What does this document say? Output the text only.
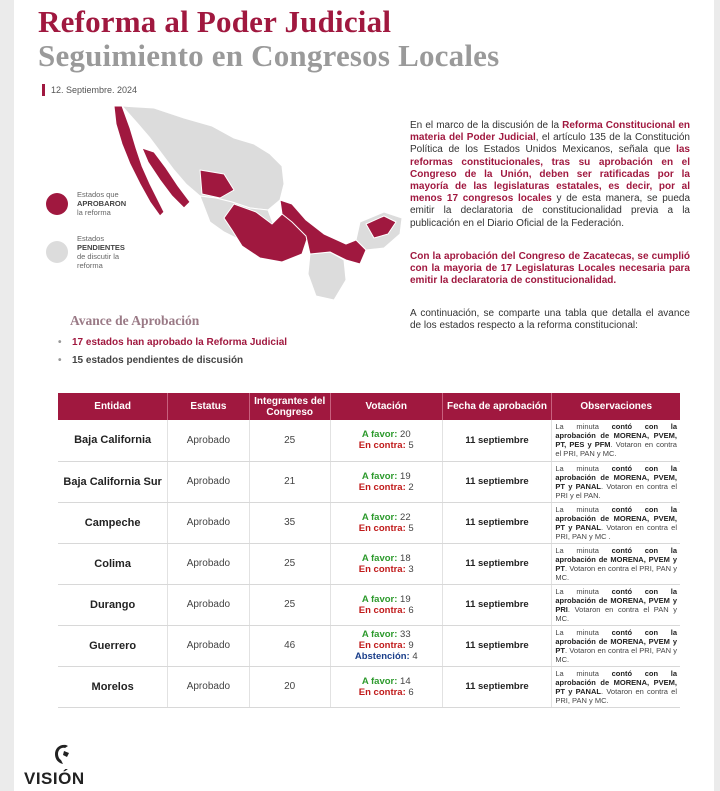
Reforma al Poder Judicial
Seguimiento en Congresos Locales
12. Septiembre. 2024
Estados que
APROBARON
la reforma
Estados
PENDIENTES
de discutir la
reforma
En el marco de la discusión de la Reforma Constitucional en materia del Poder Judicial, el artículo 135 de la Constitución Política de los Estados Unidos Mexicanos, señala que las reformas constitucionales, tras su aprobación en el Congreso de la Unión, deben ser ratificadas por la mayoría de las legislaturas estatales, es decir, por al menos 17 congresos locales y de esta manera, se pueda emitir la declaratoria de constitucionalidad previa a la publicación en el Diario Oficial de la Federación.
Con la aprobación del Congreso de Zacatecas, se cumplió con la mayoria de 17 Legislaturas Locales necesaria para emitir la declaratoria de constitucionalidad.
A continuación, se comparte una tabla que detalla el avance de los estados respecto a la reforma constitucional:
Avance de Aprobación
• 17 estados han aprobado la Reforma Judicial
• 15 estados pendientes de discusión
Entidad	Estatus	Integrantes del Congreso	Votación	Fecha de aprobación	Observaciones
Baja California	Aprobado	25	A favor: 20
En contra: 5	11 septiembre	La minuta contó con la aprobación de MORENA, PVEM, PT, PES y PFM. Votaron en contra el PRI, PAN y MC.
Baja California Sur	Aprobado	21	A favor: 19
En contra: 2	11 septiembre	La minuta contó con la aprobación de MORENA, PVEM, PT y PANAL. Votaron en contra el PRI y el PAN.
Campeche	Aprobado	35	A favor: 22
En contra: 5	11 septiembre	La minuta contó con la aprobación de MORENA, PVEM, PT y PANAL. Votaron en contra el PRI, PAN y MC .
Colima	Aprobado	25	A favor: 18
En contra: 3	11 septiembre	La minuta contó con la aprobación de MORENA, PVEM y PT. Votaron en contra el PRI, PAN y MC.
Durango	Aprobado	25	A favor: 19
En contra: 6	11 septiembre	La minuta contó con la aprobación de MORENA, PVEM y PRI. Votaron en contra el PAN y MC.
Guerrero	Aprobado	46	A favor: 33
En contra: 9
Abstención: 4	11 septiembre	La minuta contó con la aprobación de MORENA, PVEM y PT. Votaron en contra el PRI, PAN y MC.
Morelos	Aprobado	20	A favor: 14
En contra: 6	11 septiembre	La minuta contó con la aprobación de MORENA, PVEM, PT y PANAL. Votaron en contra el PRI, PAN y MC.
VISIÓN
